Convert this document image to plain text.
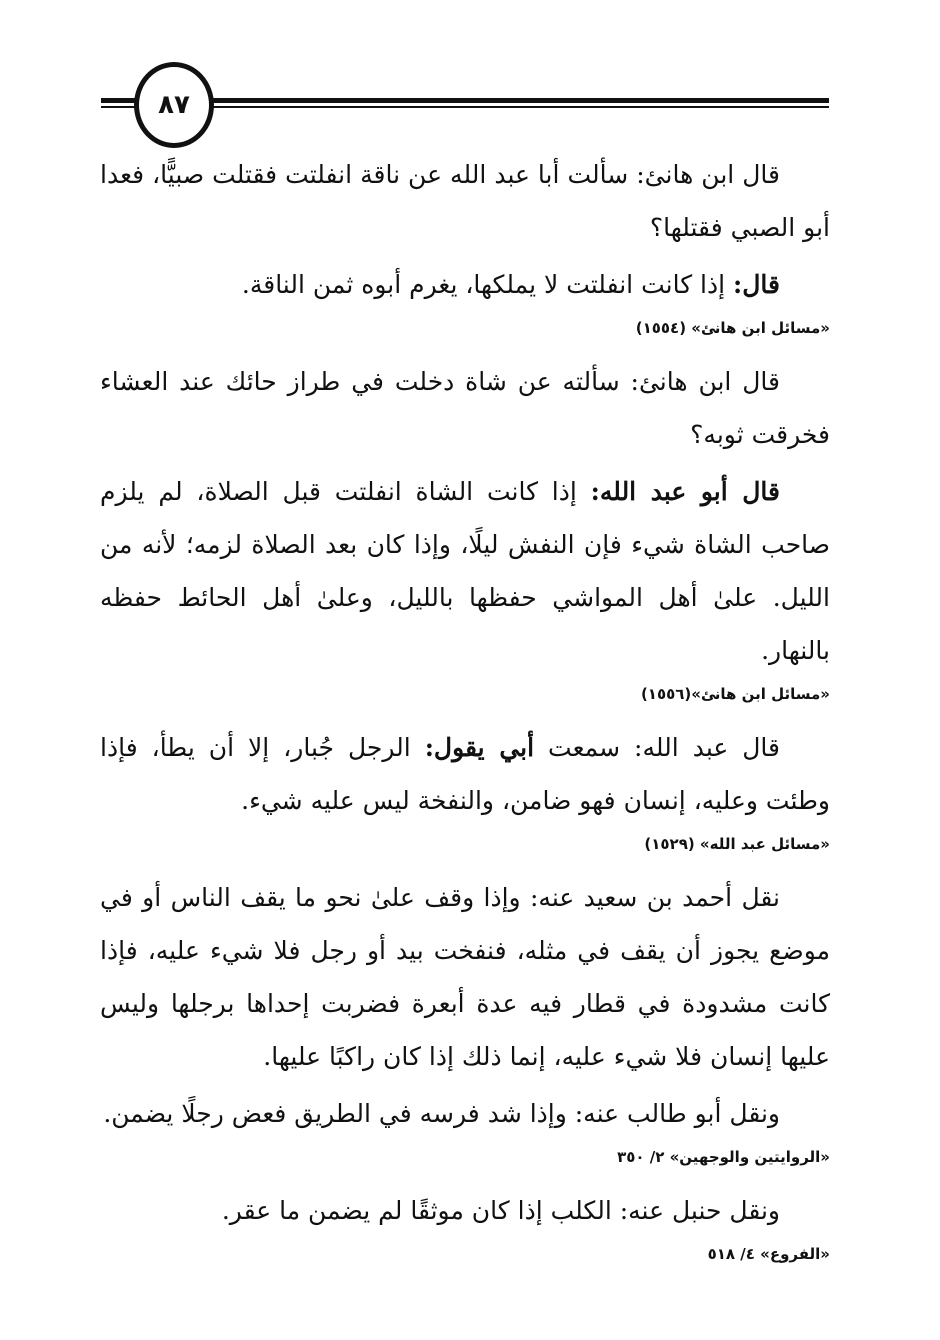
٨٧

قال ابن هانئ: سألت أبا عبد الله عن ناقة انفلتت فقتلت صبيًّا، فعدا أبو الصبي فقتلها؟

قال: إذا كانت انفلتت لا يملكها، يغرم أبوه ثمن الناقة.

«مسائل ابن هانئ» (١٥٥٤)

قال ابن هانئ: سألته عن شاة دخلت في طراز حائك عند العشاء فخرقت ثوبه؟

قال أبو عبد الله: إذا كانت الشاة انفلتت قبل الصلاة، لم يلزم صاحب الشاة شيء فإن النفش ليلًا، وإذا كان بعد الصلاة لزمه؛ لأنه من الليل. علىٰ أهل المواشي حفظها بالليل، وعلىٰ أهل الحائط حفظه بالنهار.

«مسائل ابن هانئ»(١٥٥٦)

قال عبد الله: سمعت أبي يقول: الرجل جُبار، إلا أن يطأ، فإذا وطئت وعليه، إنسان فهو ضامن، والنفخة ليس عليه شيء.

«مسائل عبد الله» (١٥٢٩)

نقل أحمد بن سعيد عنه: وإذا وقف علىٰ نحو ما يقف الناس أو في موضع يجوز أن يقف في مثله، فنفخت بيد أو رجل فلا شيء عليه، فإذا كانت مشدودة في قطار فيه عدة أبعرة فضربت إحداها برجلها وليس عليها إنسان فلا شيء عليه، إنما ذلك إذا كان راكبًا عليها.

ونقل أبو طالب عنه: وإذا شد فرسه في الطريق فعض رجلًا يضمن.

«الروايتين والوجهين» ٢/ ٣٥٠

ونقل حنبل عنه: الكلب إذا كان موثقًا لم يضمن ما عقر.

«الفروع» ٤/ ٥١٨
